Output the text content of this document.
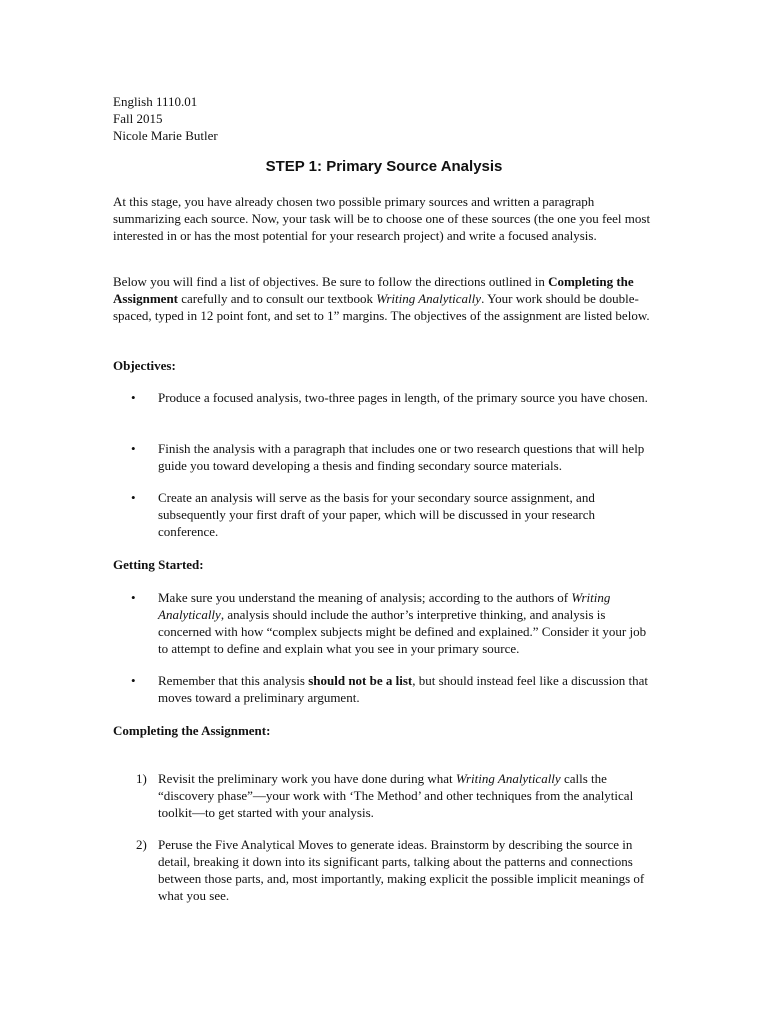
English 1110.01
Fall 2015
Nicole Marie Butler
STEP 1: Primary Source Analysis

At this stage, you have already chosen two possible primary sources and written a paragraph summarizing each source. Now, your task will be to choose one of these sources (the one you feel most interested in or has the most potential for your research project) and write a focused analysis.

Below you will find a list of objectives. Be sure to follow the directions outlined in Completing the Assignment carefully and to consult our textbook Writing Analytically. Your work should be double-spaced, typed in 12 point font, and set to 1” margins. The objectives of the assignment are listed below.

Objectives:
• Produce a focused analysis, two-three pages in length, of the primary source you have chosen.

• Finish the analysis with a paragraph that includes one or two research questions that will help guide you toward developing a thesis and finding secondary source materials.

• Create an analysis will serve as the basis for your secondary source assignment, and subsequently your first draft of your paper, which will be discussed in your research conference.

Getting Started:
• Make sure you understand the meaning of analysis; according to the authors of Writing Analytically, analysis should include the author’s interpretive thinking, and analysis is concerned with how “complex subjects might be defined and explained.” Consider it your job to attempt to define and explain what you see in your primary source.

• Remember that this analysis should not be a list, but should instead feel like a discussion that moves toward a preliminary argument.

Completing the Assignment:
1) Revisit the preliminary work you have done during what Writing Analytically calls the “discovery phase”—your work with ‘The Method’ and other techniques from the analytical toolkit—to get started with your analysis.

2) Peruse the Five Analytical Moves to generate ideas. Brainstorm by describing the source in detail, breaking it down into its significant parts, talking about the patterns and connections between those parts, and, most importantly, making explicit the possible implicit meanings of what you see.
